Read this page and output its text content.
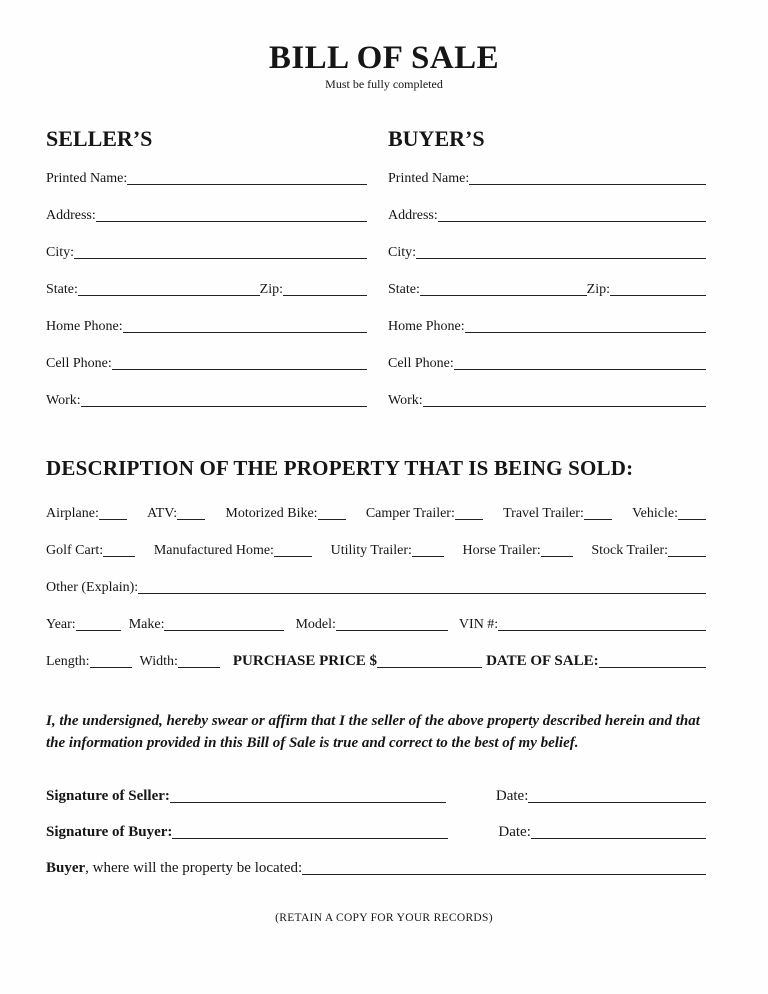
BILL OF SALE
Must be fully completed
SELLER’S
Printed Name:
Address:
City:
State:	Zip:
Home Phone:
Cell Phone:
Work:
BUYER’S
Printed Name:
Address:
City:
State:	Zip:
Home Phone:
Cell Phone:
Work:
DESCRIPTION OF THE PROPERTY THAT IS BEING SOLD:
Airplane:	ATV:	Motorized Bike:	Camper Trailer:	Travel Trailer:	Vehicle:
Golf Cart:	Manufactured Home:	Utility Trailer:	Horse Trailer:	Stock Trailer:
Other (Explain):
Year:	Make:	Model:	VIN #:
Length:	Width:	PURCHASE PRICE $	DATE OF SALE:
I, the undersigned, hereby swear or affirm that I the seller of the above property described herein and that
the information provided in this Bill of Sale is true and correct to the best of my belief.
Signature of Seller:	Date:
Signature of Buyer:	Date:
Buyer , where will the property be located:
(RETAIN A COPY FOR YOUR RECORDS)
